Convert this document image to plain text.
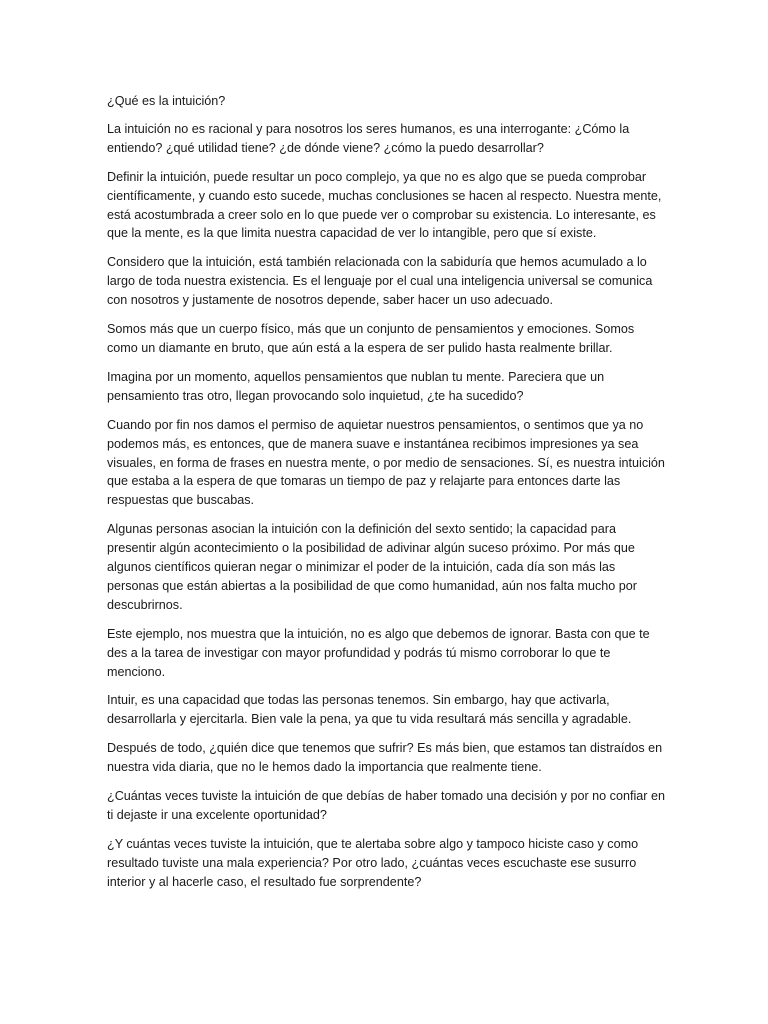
¿Qué es la intuición?

La intuición no es racional y para nosotros los seres humanos, es una interrogante: ¿Cómo la entiendo? ¿qué utilidad tiene? ¿de dónde viene? ¿cómo la puedo desarrollar?

Definir la intuición, puede resultar un poco complejo, ya que no es algo que se pueda comprobar científicamente, y cuando esto sucede, muchas conclusiones se hacen al respecto. Nuestra mente, está acostumbrada a creer solo en lo que puede ver o comprobar su existencia. Lo interesante, es que la mente, es la que limita nuestra capacidad de ver lo intangible, pero que sí existe.

Considero que la intuición, está también relacionada con la sabiduría que hemos acumulado a lo largo de toda nuestra existencia. Es el lenguaje por el cual una inteligencia universal se comunica con nosotros y justamente de nosotros depende, saber hacer un uso adecuado.

Somos más que un cuerpo físico, más que un conjunto de pensamientos y emociones. Somos como un diamante en bruto, que aún está a la espera de ser pulido hasta realmente brillar.

Imagina por un momento, aquellos pensamientos que nublan tu mente. Pareciera que un pensamiento tras otro, llegan provocando solo inquietud, ¿te ha sucedido?

Cuando por fin nos damos el permiso de aquietar nuestros pensamientos, o sentimos que ya no podemos más, es entonces, que de manera suave e instantánea recibimos impresiones ya sea visuales, en forma de frases en nuestra mente, o por medio de sensaciones. Sí, es nuestra intuición que estaba a la espera de que tomaras un tiempo de paz y relajarte para entonces darte las respuestas que buscabas.

Algunas personas asocian la intuición con la definición del sexto sentido; la capacidad para presentir algún acontecimiento o la posibilidad de adivinar algún suceso próximo. Por más que algunos científicos quieran negar o minimizar el poder de la intuición, cada día son más las personas que están abiertas a la posibilidad de que como humanidad, aún nos falta mucho por descubrirnos.

Este ejemplo, nos muestra que la intuición, no es algo que debemos de ignorar. Basta con que te des a la tarea de investigar con mayor profundidad y podrás tú mismo corroborar lo que te menciono.

Intuir, es una capacidad que todas las personas tenemos. Sin embargo, hay que activarla, desarrollarla y ejercitarla. Bien vale la pena, ya que tu vida resultará más sencilla y agradable.

Después de todo, ¿quién dice que tenemos que sufrir? Es más bien, que estamos tan distraídos en nuestra vida diaria, que no le hemos dado la importancia que realmente tiene.

¿Cuántas veces tuviste la intuición de que debías de haber tomado una decisión y por no confiar en ti dejaste ir una excelente oportunidad?

¿Y cuántas veces tuviste la intuición, que te alertaba sobre algo y tampoco hiciste caso y como resultado tuviste una mala experiencia? Por otro lado, ¿cuántas veces escuchaste ese susurro interior y al hacerle caso, el resultado fue sorprendente?
